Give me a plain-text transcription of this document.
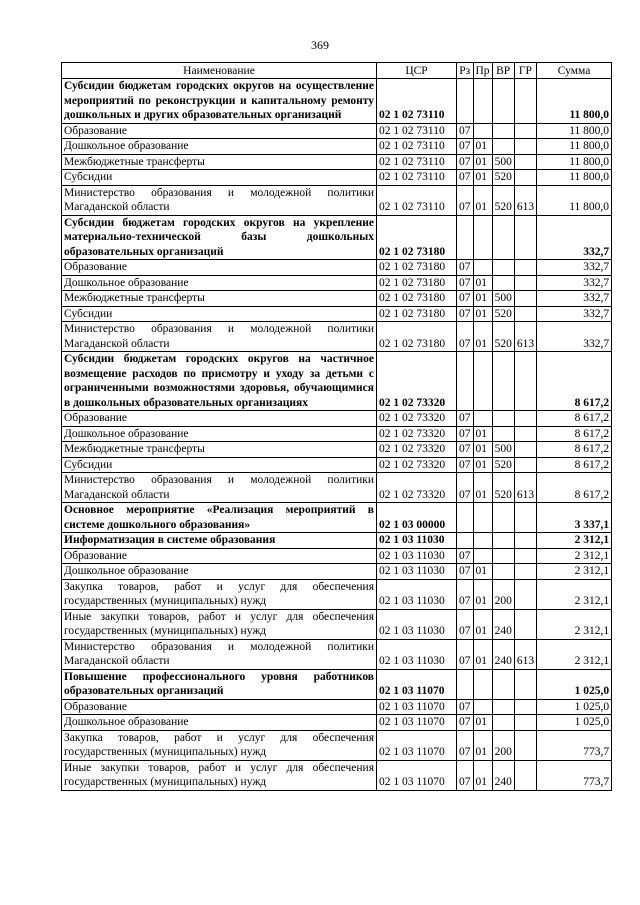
369
Наименование	ЦСР	Рз	Пр	ВР	ГР	Сумма
Субсидии бюджетам городских округов на осуществление мероприятий по реконструкции и капитальному ремонту дошкольных и других образовательных организаций	02 1 02 73110					11 800,0
Образование	02 1 02 73110	07				11 800,0
Дошкольное образование	02 1 02 73110	07	01			11 800,0
Межбюджетные трансферты	02 1 02 73110	07	01	500		11 800,0
Субсидии	02 1 02 73110	07	01	520		11 800,0
Министерство образования и молодежной политики Магаданской области	02 1 02 73110	07	01	520	613	11 800,0
Субсидии бюджетам городских округов на укрепление материально-технической базы дошкольных образовательных организаций	02 1 02 73180					332,7
Образование	02 1 02 73180	07				332,7
Дошкольное образование	02 1 02 73180	07	01			332,7
Межбюджетные трансферты	02 1 02 73180	07	01	500		332,7
Субсидии	02 1 02 73180	07	01	520		332,7
Министерство образования и молодежной политики Магаданской области	02 1 02 73180	07	01	520	613	332,7
Субсидии бюджетам городских округов на частичное возмещение расходов по присмотру и уходу за детьми с ограниченными возможностями здоровья, обучающимися в дошкольных образовательных организациях	02 1 02 73320					8 617,2
Образование	02 1 02 73320	07				8 617,2
Дошкольное образование	02 1 02 73320	07	01			8 617,2
Межбюджетные трансферты	02 1 02 73320	07	01	500		8 617,2
Субсидии	02 1 02 73320	07	01	520		8 617,2
Министерство образования и молодежной политики Магаданской области	02 1 02 73320	07	01	520	613	8 617,2
Основное мероприятие «Реализация мероприятий в системе дошкольного образования»	02 1 03 00000					3 337,1
Информатизация в системе образования	02 1 03 11030					2 312,1
Образование	02 1 03 11030	07				2 312,1
Дошкольное образование	02 1 03 11030	07	01			2 312,1
Закупка товаров, работ и услуг для обеспечения государственных (муниципальных) нужд	02 1 03 11030	07	01	200		2 312,1
Иные закупки товаров, работ и услуг для обеспечения государственных (муниципальных) нужд	02 1 03 11030	07	01	240		2 312,1
Министерство образования и молодежной политики Магаданской области	02 1 03 11030	07	01	240	613	2 312,1
Повышение профессионального уровня работников образовательных организаций	02 1 03 11070					1 025,0
Образование	02 1 03 11070	07				1 025,0
Дошкольное образование	02 1 03 11070	07	01			1 025,0
Закупка товаров, работ и услуг для обеспечения государственных (муниципальных) нужд	02 1 03 11070	07	01	200		773,7
Иные закупки товаров, работ и услуг для обеспечения государственных (муниципальных) нужд	02 1 03 11070	07	01	240		773,7
